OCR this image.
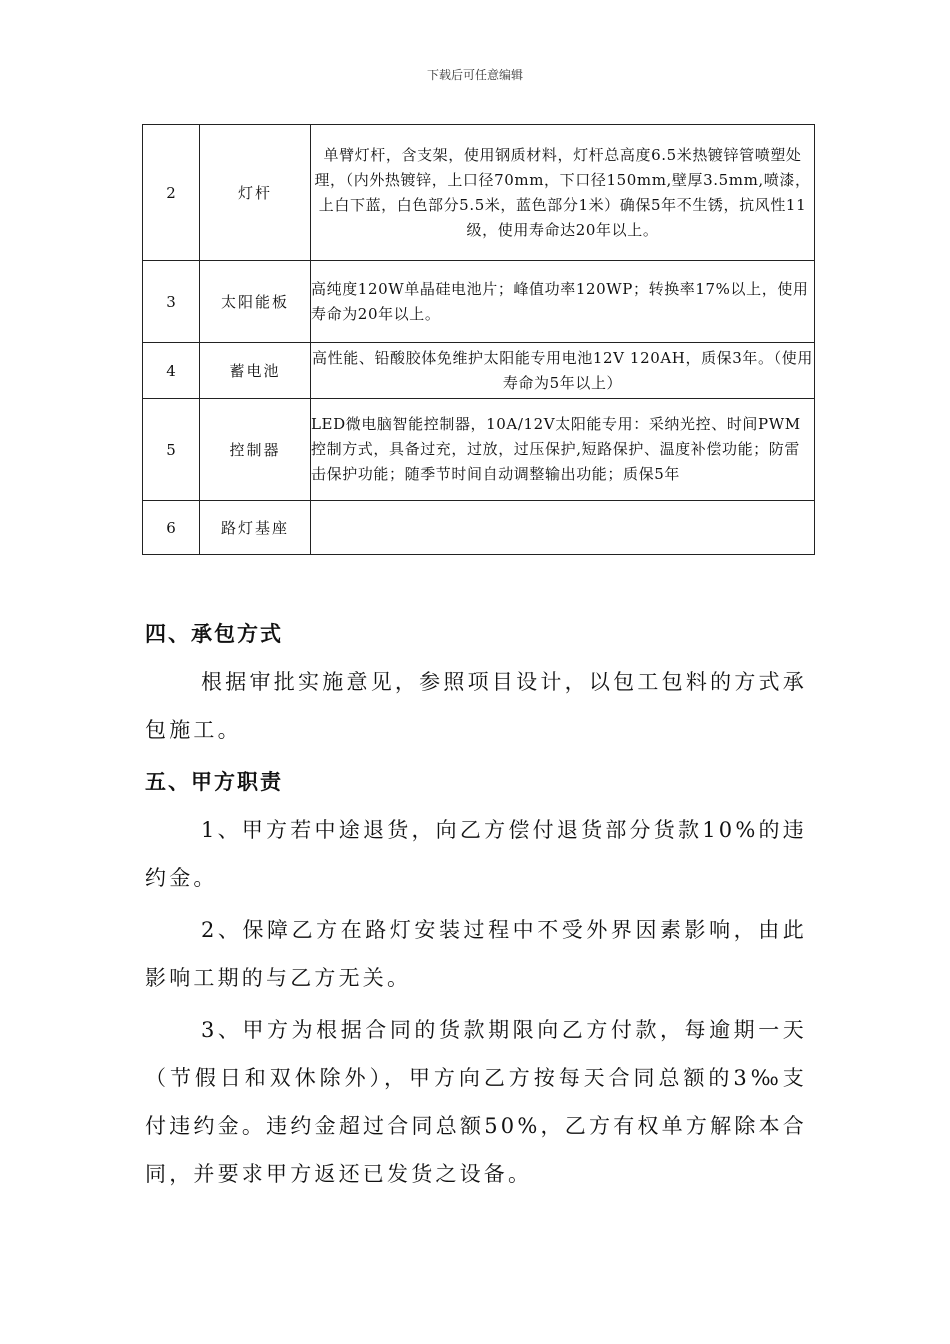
下载后可任意编辑
2	灯杆	单臂灯杆，含支架，使用钢质材料，灯杆总高度6.5米热镀锌管喷塑处理，（内外热镀锌，上口径70mm，下口径150mm,壁厚3.5mm,喷漆，上白下蓝，白色部分5.5米，蓝色部分1米）确保5年不生锈，抗风性11级，使用寿命达20年以上。
3	太阳能板	高纯度120W单晶硅电池片；峰值功率120WP；转换率17%以上，使用寿命为20年以上。
4	蓄电池	高性能、铅酸胶体免维护太阳能专用电池12V 120AH，质保3年。（使用寿命为5年以上）
5	控制器	LED微电脑智能控制器，10A/12V太阳能专用：采纳光控、时间PWM控制方式，具备过充，过放，过压保护,短路保护、温度补偿功能；防雷击保护功能；随季节时间自动调整输出功能；质保5年
6	路灯基座	
四、承包方式
根据审批实施意见，参照项目设计，以包工包料的方式承包施工。
五、甲方职责
1、甲方若中途退货，向乙方偿付退货部分货款10%的违约金。
2、保障乙方在路灯安装过程中不受外界因素影响，由此影响工期的与乙方无关。
3、甲方为根据合同的货款期限向乙方付款，每逾期一天（节假日和双休除外），甲方向乙方按每天合同总额的3‰支付违约金。违约金超过合同总额50%，乙方有权单方解除本合同，并要求甲方返还已发货之设备。
